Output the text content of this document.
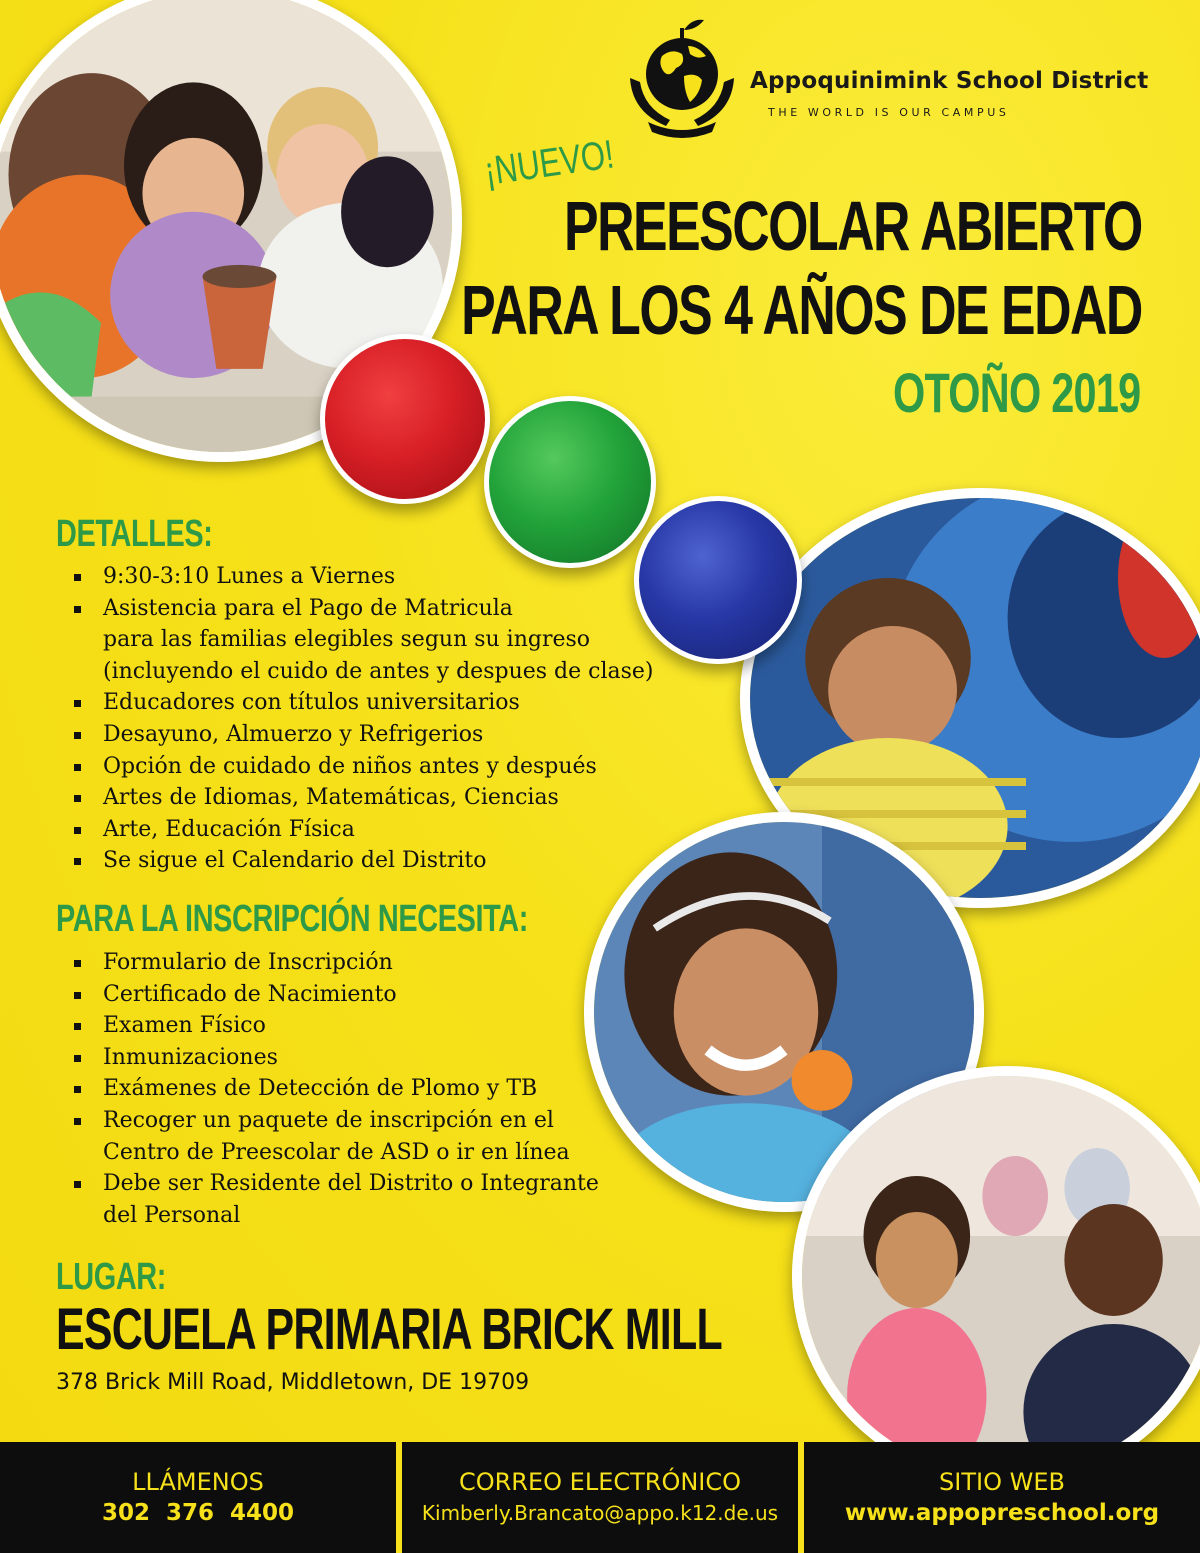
Appoquinimink School District
THE WORLD IS OUR CAMPUS
¡NUEVO!
PREESCOLAR ABIERTO
PARA LOS 4 AÑOS DE EDAD
OTOÑO 2019
DETALLES:
9:30-3:10 Lunes a Viernes
Asistencia para el Pago de Matricula
para las familias elegibles segun su ingreso
(incluyendo el cuido de antes y despues de clase)
Educadores con títulos universitarios
Desayuno, Almuerzo y Refrigerios
Opción de cuidado de niños antes y después
Artes de Idiomas, Matemáticas, Ciencias
Arte, Educación Física
Se sigue el Calendario del Distrito
PARA LA INSCRIPCIÓN NECESITA:
Formulario de Inscripción
Certificado de Nacimiento
Examen Físico
Inmunizaciones
Exámenes de Detección de Plomo y TB
Recoger un paquete de inscripción en el
Centro de Preescolar de ASD o ir en línea
Debe ser Residente del Distrito o Integrante
del Personal
LUGAR:
ESCUELA PRIMARIA BRICK MILL
378 Brick Mill Road, Middletown, DE 19709
LLÁMENOS
302  376  4400
CORREO ELECTRÓNICO
Kimberly.Brancato@appo.k12.de.us
SITIO WEB
www.appopreschool.org
